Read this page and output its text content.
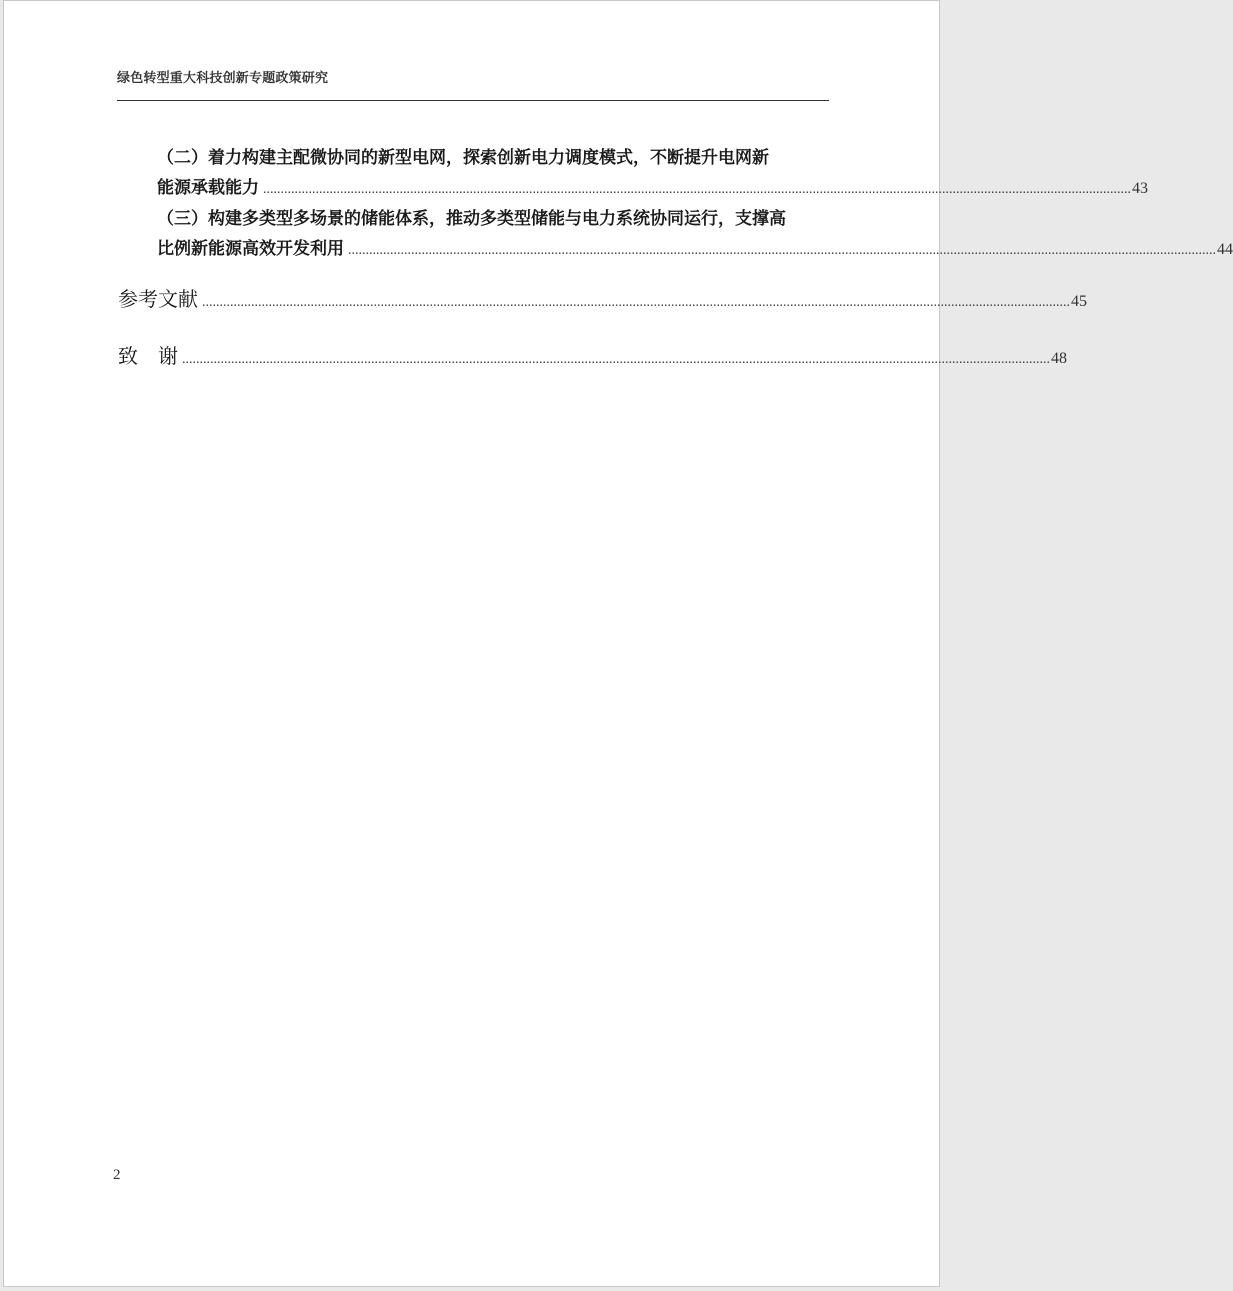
绿色转型重大科技创新专题政策研究
（二）着力构建主配微协同的新型电网，探索创新电力调度模式，不断提升电网新
能源承载能力 ........................................................................................................................................................................................................................................................ 43
（三）构建多类型多场景的储能体系，推动多类型储能与电力系统协同运行，支撑高
比例新能源高效开发利用 ........................................................................................................................................................................................................................................................ 44
参考文献 ........................................................................................................................................................................................................................................................ 45
致　谢 ........................................................................................................................................................................................................................................................ 48
2
